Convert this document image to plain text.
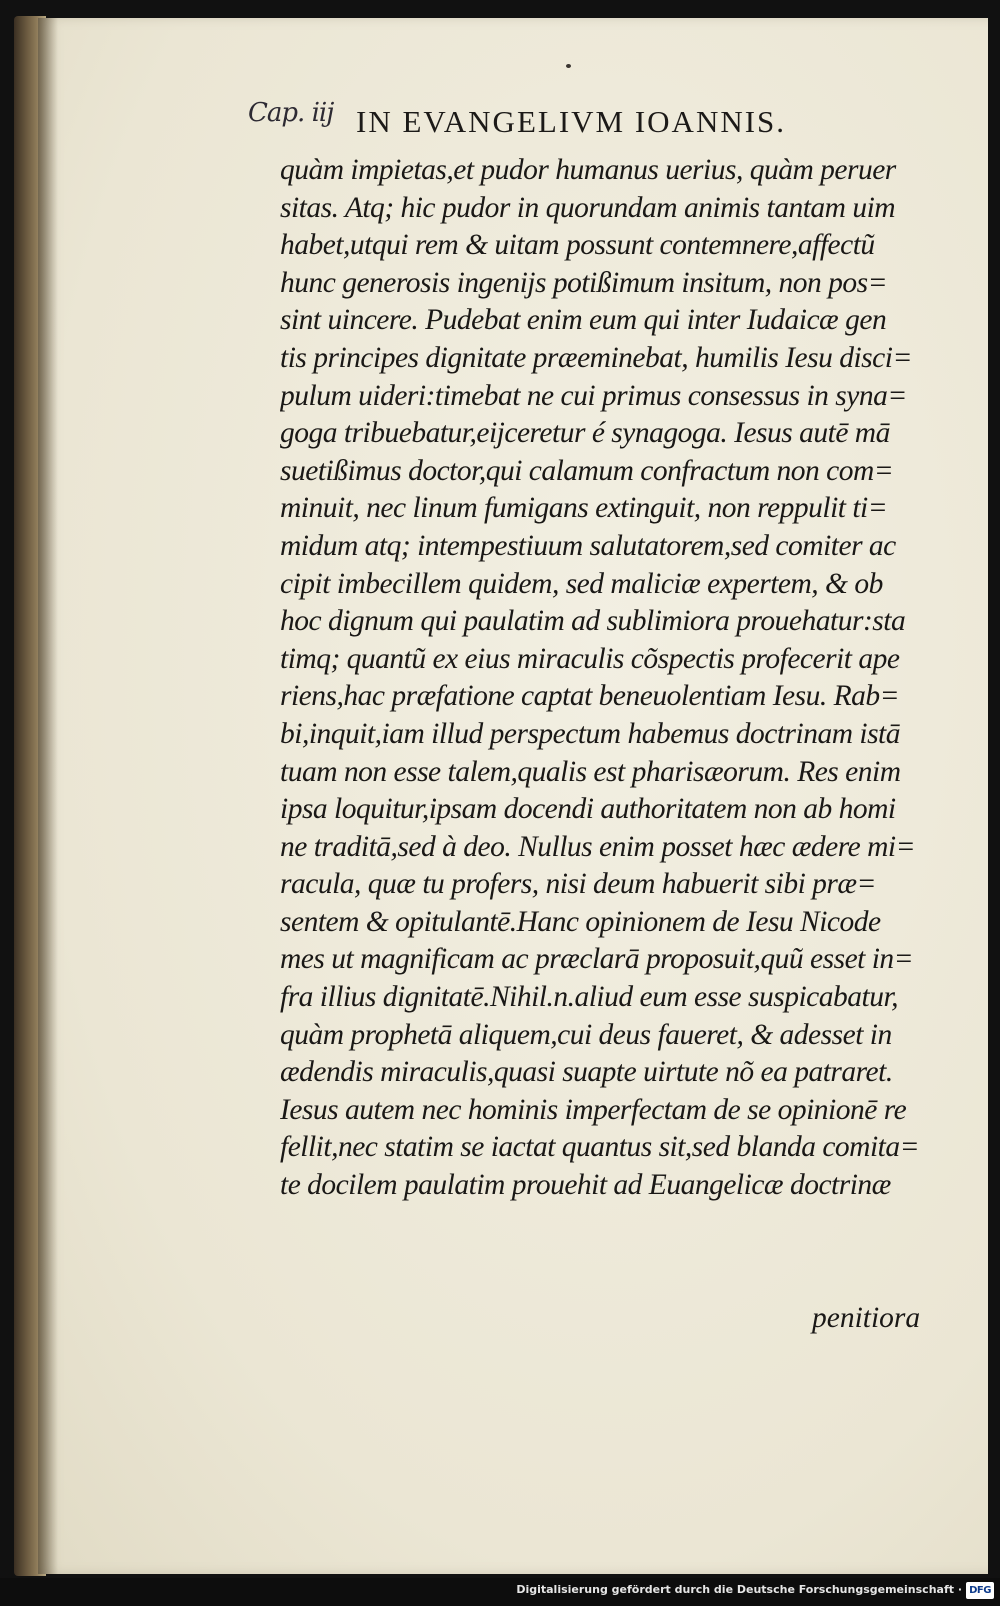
Cap. iij IN EVANGELIVM IOANNIS.
quàm impietas,et pudor humanus uerius, quàm peruer
sitas. Atq; hic pudor in quorundam animis tantam uim
habet,utqui rem & uitam possunt contemnere,affectũ
hunc generosis ingenijs potißimum insitum, non pos=
sint uincere. Pudebat enim eum qui inter Iudaicæ gen
tis principes dignitate præeminebat, humilis Iesu disci=
pulum uideri:timebat ne cui primus consessus in syna=
goga tribuebatur,eijceretur é synagoga. Iesus autē mā
suetißimus doctor,qui calamum confractum non com=
minuit, nec linum fumigans extinguit, non reppulit ti=
midum atq; intempestiuum salutatorem,sed comiter ac
cipit imbecillem quidem, sed maliciæ expertem, & ob
hoc dignum qui paulatim ad sublimiora prouehatur:sta
timq; quantũ ex eius miraculis cõspectis profecerit ape
riens,hac præfatione captat beneuolentiam Iesu. Rab=
bi,inquit,iam illud perspectum habemus doctrinam istā
tuam non esse talem,qualis est pharisæorum. Res enim
ipsa loquitur,ipsam docendi authoritatem non ab homi
ne traditā,sed à deo. Nullus enim posset hæc ædere mi=
racula, quæ tu profers, nisi deum habuerit sibi præ=
sentem & opitulantē.Hanc opinionem de Iesu Nicode
mes ut magnificam ac præclarā proposuit,quũ esset in=
fra illius dignitatē.Nihil.n.aliud eum esse suspicabatur,
quàm prophetā aliquem,cui deus faueret, & adesset in
ædendis miraculis,quasi suapte uirtute nõ ea patraret.
Iesus autem nec hominis imperfectam de se opinionē re
fellit,nec statim se iactat quantus sit,sed blanda comita=
te docilem paulatim prouehit ad Euangelicæ doctrinæ
penitiora
Digitalisierung gefördert durch die Deutsche Forschungsgemeinschaft · DFG
